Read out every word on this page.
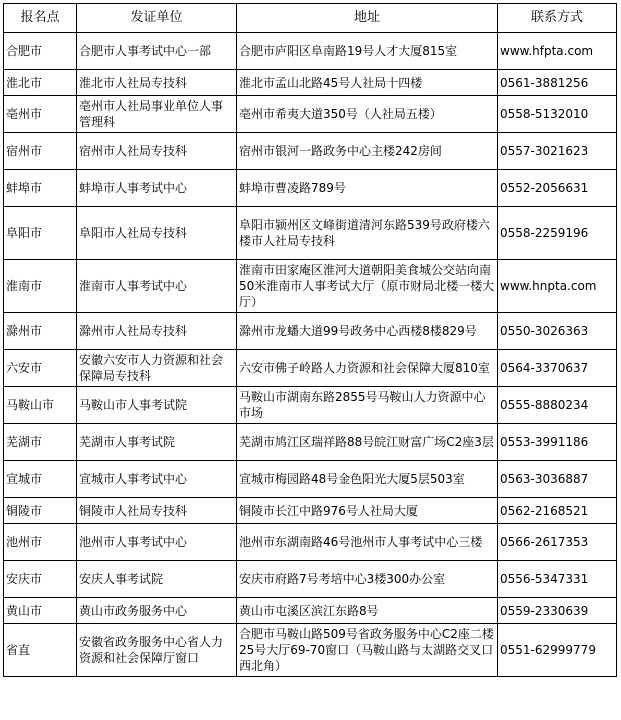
报名点	发证单位	地址	联系方式
合肥市	合肥市人事考试中心一部	合肥市庐阳区阜南路19号人才大厦815室	www.hfpta.com
淮北市	淮北市人社局专技科	淮北市孟山北路45号人社局十四楼	0561-3881256
亳州市	亳州市人社局事业单位人事管理科	亳州市希夷大道350号（人社局五楼）	0558-5132010
宿州市	宿州市人社局专技科	宿州市银河一路政务中心主楼242房间	0557-3021623
蚌埠市	蚌埠市人事考试中心	蚌埠市曹凌路789号	0552-2056631
阜阳市	阜阳市人社局专技科	阜阳市颍州区文峰街道清河东路539号政府楼六楼市人社局专技科	0558-2259196
淮南市	淮南市人事考试中心	淮南市田家庵区淮河大道朝阳美食城公交站向南50米淮南市人事考试大厅（原市财局北楼一楼大厅）	www.hnpta.com
滁州市	滁州市人社局专技科	滁州市龙蟠大道99号政务中心西楼8楼829号	0550-3026363
六安市	安徽六安市人力资源和社会保障局专技科	六安市佛子岭路人力资源和社会保障大厦810室	0564-3370637
马鞍山市	马鞍山市人事考试院	马鞍山市湖南东路2855号马鞍山人力资源中心市场	0555-8880234
芜湖市	芜湖市人事考试院	芜湖市鸠江区瑞祥路88号皖江财富广场C2座3层	0553-3991186
宣城市	宣城市人事考试中心	宣城市梅园路48号金色阳光大厦5层503室	0563-3036887
铜陵市	铜陵市人社局专技科	铜陵市长江中路976号人社局大厦	0562-2168521
池州市	池州市人事考试中心	池州市东湖南路46号池州市人事考试中心三楼	0566-2617353
安庆市	安庆人事考试院	安庆市府路7号考培中心3楼300办公室	0556-5347331
黄山市	黄山市政务服务中心	黄山市屯溪区滨江东路8号	0559-2330639
省直	安徽省政务服务中心省人力资源和社会保障厅窗口	合肥市马鞍山路509号省政务服务中心C2座二楼25号大厅69-70窗口（马鞍山路与太湖路交叉口西北角）	0551-62999779
